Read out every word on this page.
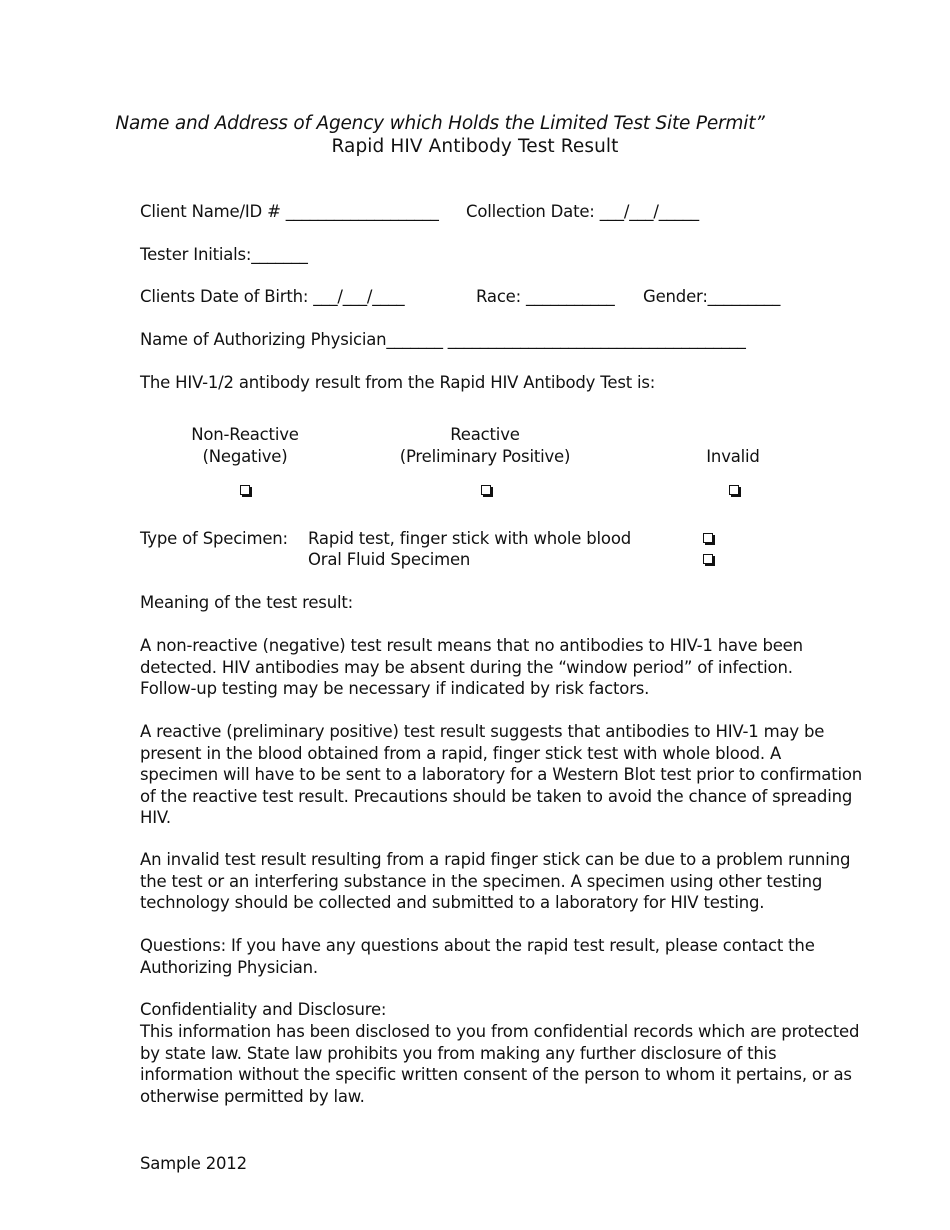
Name and Address of Agency which Holds the Limited Test Site Permit”
Rapid HIV Antibody Test Result

Client Name/ID # ___________________ Collection Date: ___/___/_____

Tester Initials:_______

Clients Date of Birth: ___/___/____	Race: ___________ Gender:_________

Name of Authorizing Physician_______ _____________________________________

The HIV-1/2 antibody result from the Rapid HIV Antibody Test is:

Non-Reactive

(Negative)

Reactive

(Preliminary Positive)	Invalid

Type of Specimen: Rapid test, finger stick with whole blood

Oral Fluid Specimen

Meaning of the test result:

A non-reactive (negative) test result means that no antibodies to HIV-1 have been
detected. HIV antibodies may be absent during the “window period” of infection.
Follow-up testing may be necessary if indicated by risk factors.

A reactive (preliminary positive) test result suggests that antibodies to HIV-1 may be
present in the blood obtained from a rapid, finger stick test with whole blood. A
specimen will have to be sent to a laboratory for a Western Blot test prior to confirmation
of the reactive test result. Precautions should be taken to avoid the chance of spreading
HIV.

An invalid test result resulting from a rapid finger stick can be due to a problem running
the test or an interfering substance in the specimen. A specimen using other testing
technology should be collected and submitted to a laboratory for HIV testing.

Questions: If you have any questions about the rapid test result, please contact the
Authorizing Physician.

Confidentiality and Disclosure:

This information has been disclosed to you from confidential records which are protected
by state law. State law prohibits you from making any further disclosure of this
information without the specific written consent of the person to whom it pertains, or as
otherwise permitted by law.

Sample 2012
